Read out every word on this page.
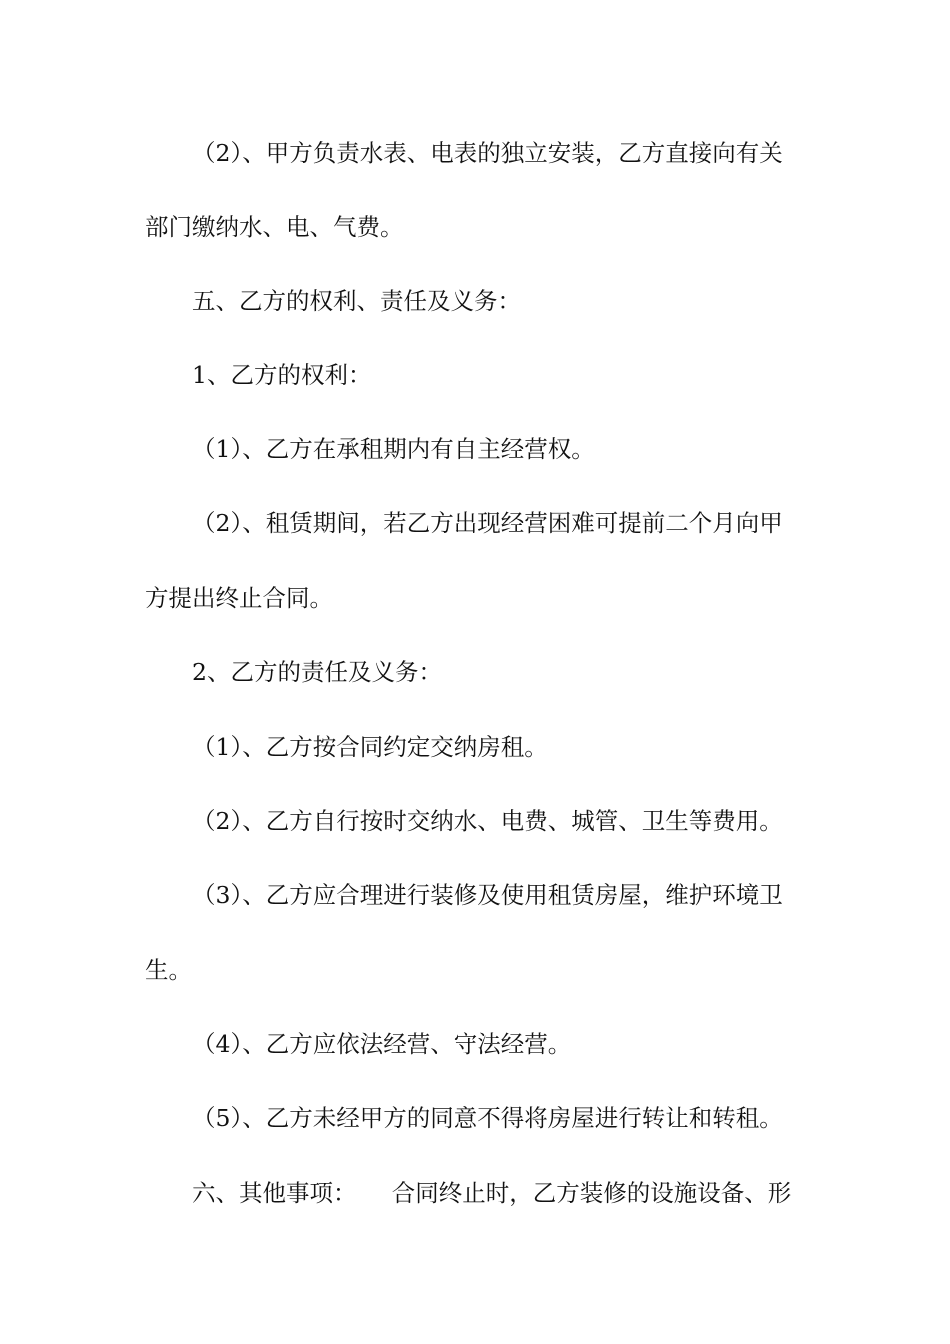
（2）、甲方负责水表、电表的独立安装，乙方直接向有关
部门缴纳水、电、气费。
五、乙方的权利、责任及义务：
1、乙方的权利：
（1）、乙方在承租期内有自主经营权。
（2）、租赁期间，若乙方出现经营困难可提前二个月向甲
方提出终止合同。
2、乙方的责任及义务：
（1）、乙方按合同约定交纳房租。
（2）、乙方自行按时交纳水、电费、城管、卫生等费用。
（3）、乙方应合理进行装修及使用租赁房屋，维护环境卫
生。
（4）、乙方应依法经营、守法经营。
（5）、乙方未经甲方的同意不得将房屋进行转让和转租。
六、其他事项：　　合同终止时，乙方装修的设施设备、形
